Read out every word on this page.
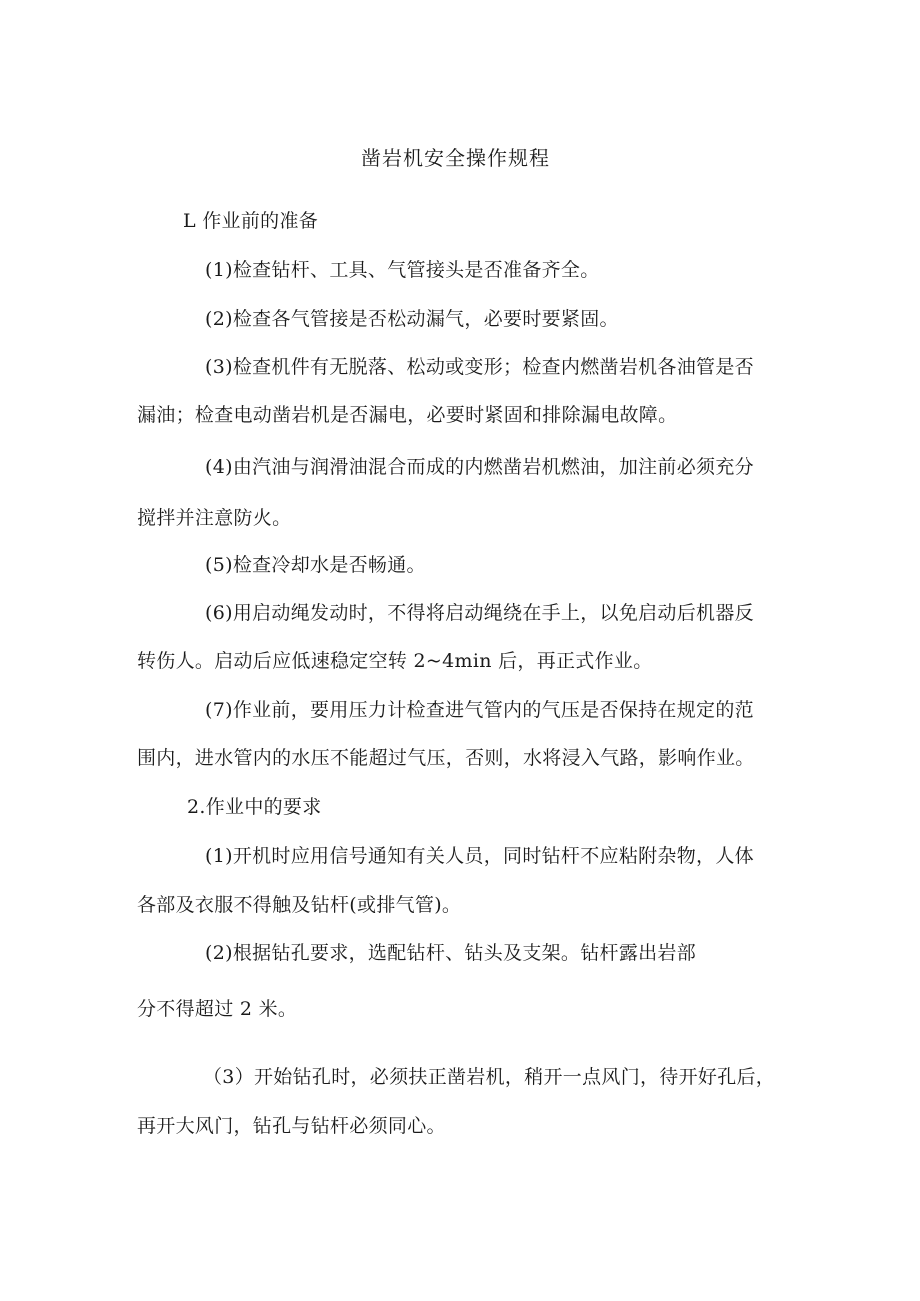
凿岩机安全操作规程
L 作业前的准备
(1)检查钻杆、工具、气管接头是否准备齐全。
(2)检查各气管接是否松动漏气，必要时要紧固。
(3)检查机件有无脱落、松动或变形；检查内燃凿岩机各油管是否
漏油；检查电动凿岩机是否漏电，必要时紧固和排除漏电故障。
(4)由汽油与润滑油混合而成的内燃凿岩机燃油，加注前必须充分
搅拌并注意防火。
(5)检查冷却水是否畅通。
(6)用启动绳发动时，不得将启动绳绕在手上，以免启动后机器反
转伤人。启动后应低速稳定空转 2~4min 后，再正式作业。
(7)作业前，要用压力计检查进气管内的气压是否保持在规定的范
围内，进水管内的水压不能超过气压，否则，水将浸入气路，影响作业。
2.作业中的要求
(1)开机时应用信号通知有关人员，同时钻杆不应粘附杂物，人体
各部及衣服不得触及钻杆(或排气管)。
(2)根据钻孔要求，选配钻杆、钻头及支架。钻杆露出岩部
分不得超过 2 米。
（3）开始钻孔时，必须扶正凿岩机，稍开一点风门，待开好孔后，
再开大风门，钻孔与钻杆必须同心。
